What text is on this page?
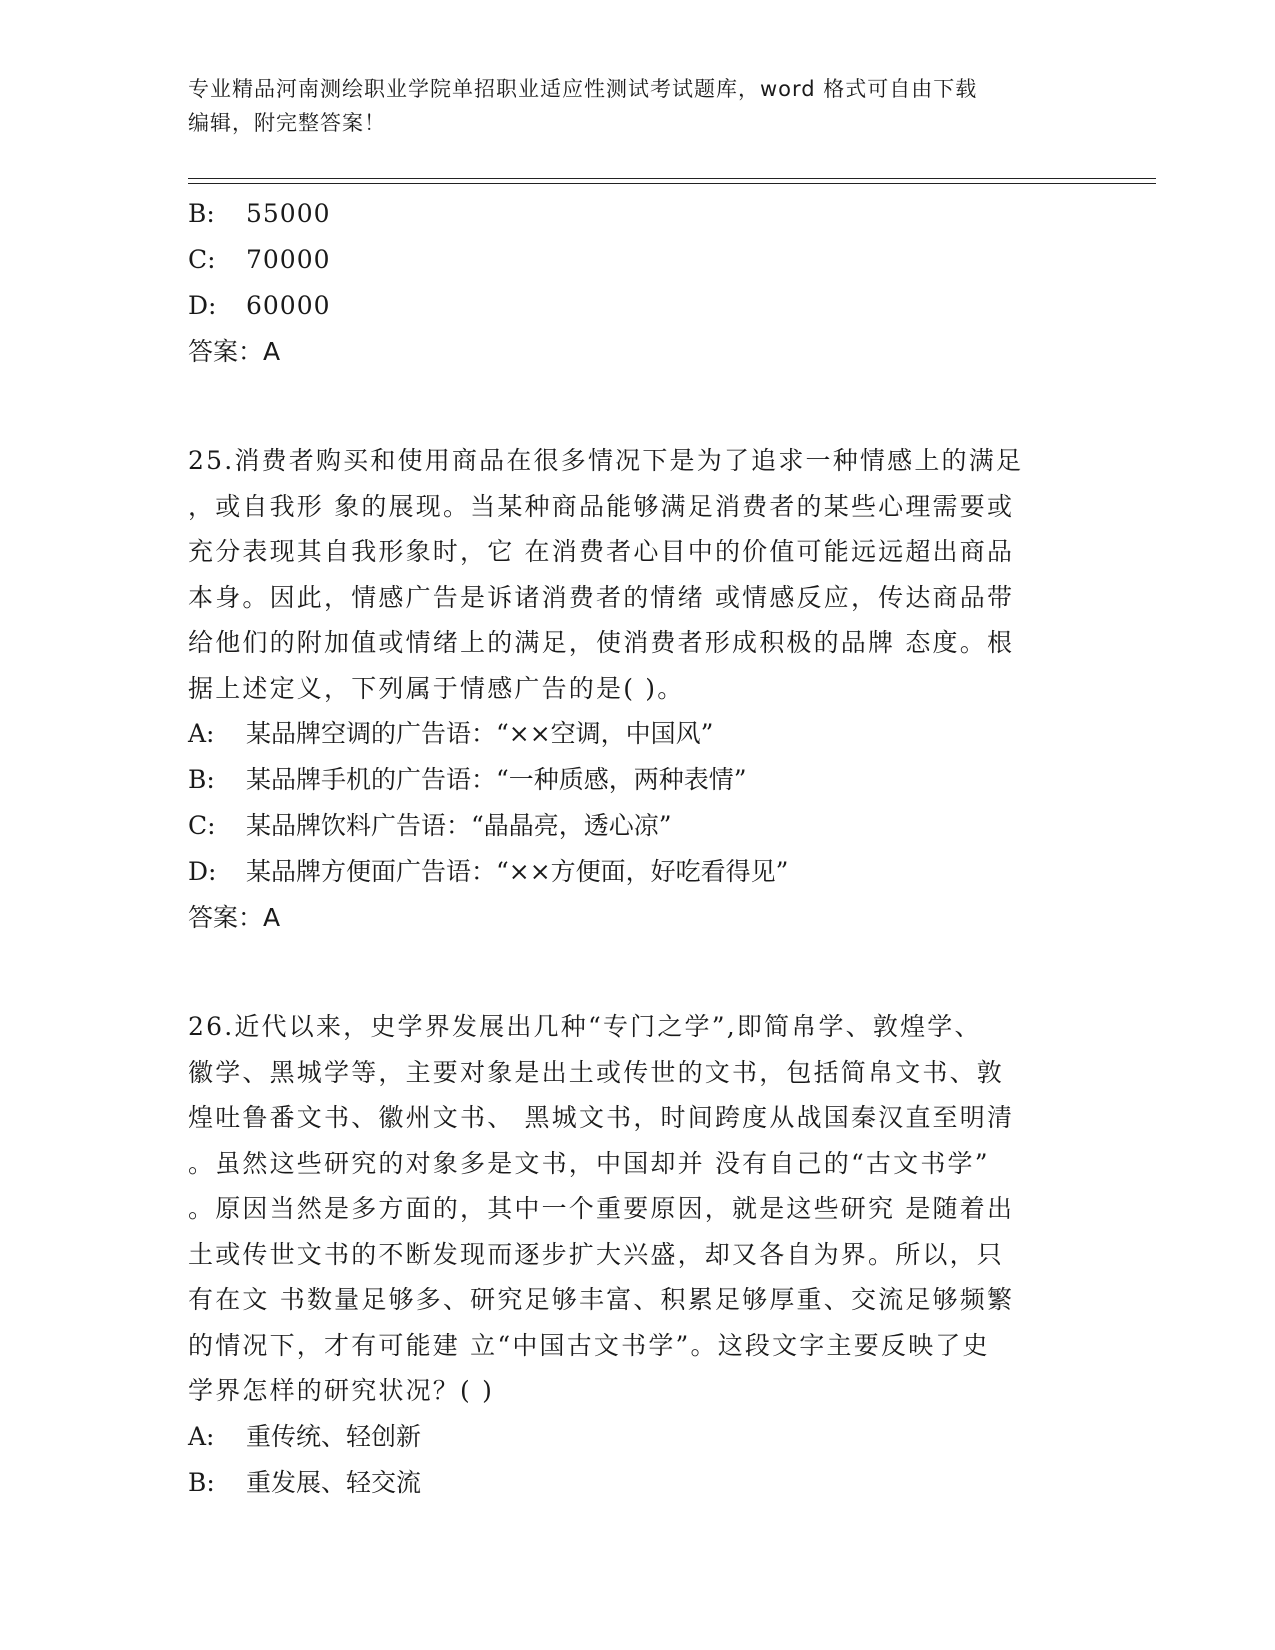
专业精品河南测绘职业学院单招职业适应性测试考试题库，word 格式可自由下载
编辑，附完整答案！
B: 55000
C: 70000
D: 60000
答案：A
25.消费者购买和使用商品在很多情况下是为了追求一种情感上的满足
，或自我形 象的展现。当某种商品能够满足消费者的某些心理需要或
充分表现其自我形象时，它 在消费者心目中的价值可能远远超出商品
本身。因此，情感广告是诉诸消费者的情绪 或情感反应，传达商品带
给他们的附加值或情绪上的满足，使消费者形成积极的品牌 态度。根
据上述定义，下列属于情感广告的是( )。
A: 某品牌空调的广告语：“××空调，中国风”
B: 某品牌手机的广告语：“一种质感，两种表情”
C: 某品牌饮料广告语：“晶晶亮，透心凉”
D: 某品牌方便面广告语：“××方便面，好吃看得见”
答案：A
26.近代以来，史学界发展出几种“专门之学”,即简帛学、敦煌学、
徽学、黑城学等，主要对象是出土或传世的文书，包括简帛文书、敦
煌吐鲁番文书、徽州文书、 黑城文书，时间跨度从战国秦汉直至明清
。虽然这些研究的对象多是文书，中国却并 没有自己的“古文书学”
。原因当然是多方面的，其中一个重要原因，就是这些研究 是随着出
土或传世文书的不断发现而逐步扩大兴盛，却又各自为界。所以，只
有在文 书数量足够多、研究足够丰富、积累足够厚重、交流足够频繁
的情况下，才有可能建 立“中国古文书学”。这段文字主要反映了史
学界怎样的研究状况？( )
A: 重传统、轻创新
B: 重发展、轻交流
